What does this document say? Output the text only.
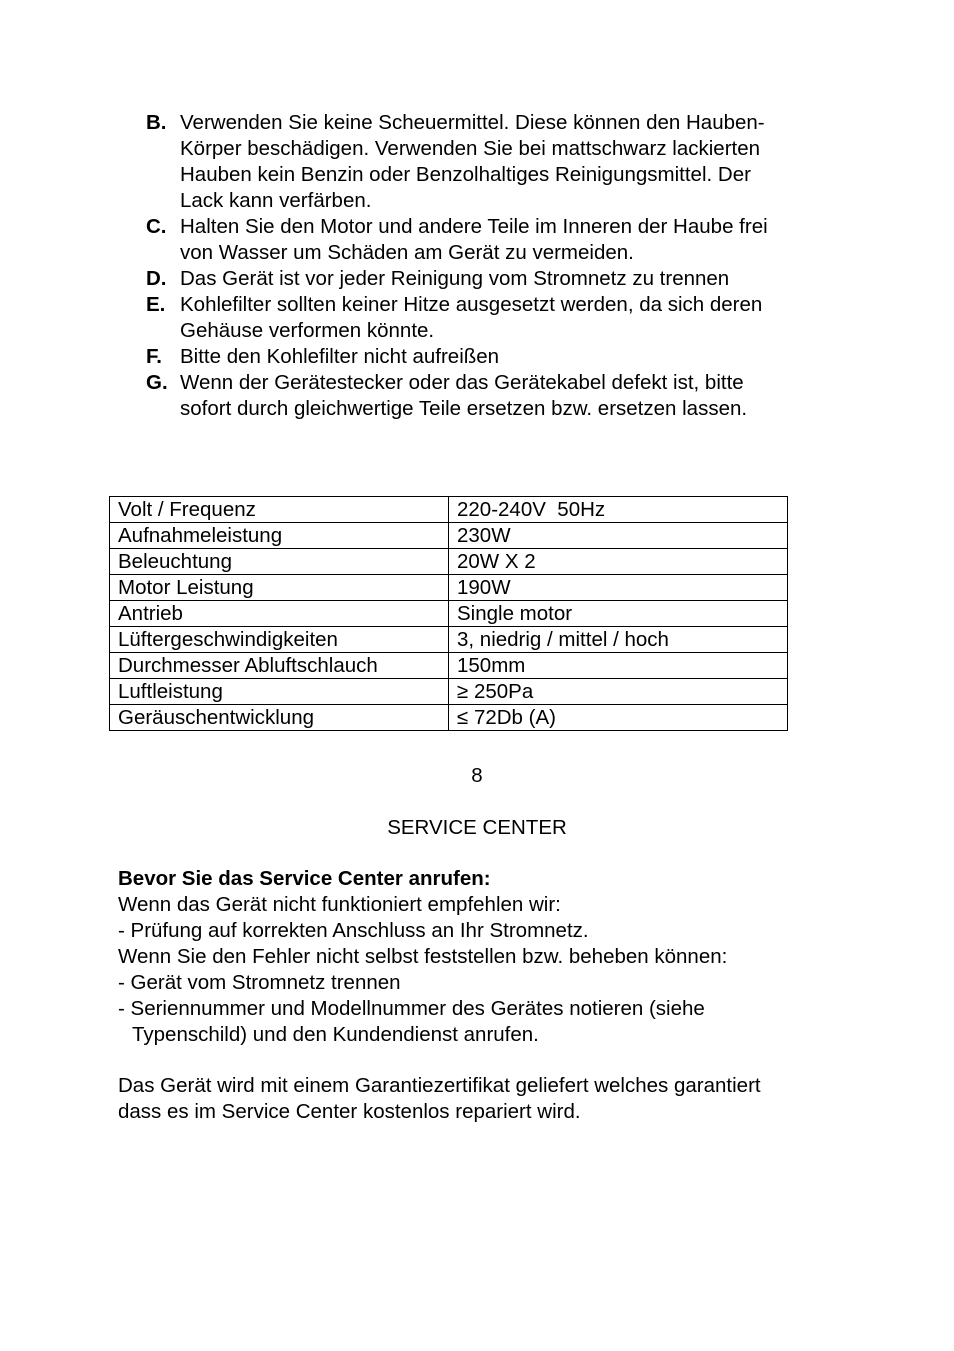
B. Verwenden Sie keine Scheuermittel. Diese können den Hauben-
Körper beschädigen. Verwenden Sie bei mattschwarz lackierten
Hauben kein Benzin oder Benzolhaltiges Reinigungsmittel. Der
Lack kann verfärben.
C. Halten Sie den Motor und andere Teile im Inneren der Haube frei
von Wasser um Schäden am Gerät zu vermeiden.
D. Das Gerät ist vor jeder Reinigung vom Stromnetz zu trennen
E. Kohlefilter sollten keiner Hitze ausgesetzt werden, da sich deren
Gehäuse verformen könnte.
F. Bitte den Kohlefilter nicht aufreißen
G. Wenn der Gerätestecker oder das Gerätekabel defekt ist, bitte
sofort durch gleichwertige Teile ersetzen bzw. ersetzen lassen.
Volt / Frequenz	220-240V  50Hz
Aufnahmeleistung	230W
Beleuchtung	20W X 2
Motor Leistung	190W
Antrieb	Single motor
Lüftergeschwindigkeiten	3, niedrig / mittel / hoch
Durchmesser Abluftschlauch	150mm
Luftleistung	≥ 250Pa
Geräuschentwicklung	≤ 72Db (A)
8
SERVICE CENTER
Bevor Sie das Service Center anrufen:
Wenn das Gerät nicht funktioniert empfehlen wir:
- Prüfung auf korrekten Anschluss an Ihr Stromnetz.
Wenn Sie den Fehler nicht selbst feststellen bzw. beheben können:
- Gerät vom Stromnetz trennen
- Seriennummer und Modellnummer des Gerätes notieren (siehe
Typenschild) und den Kundendienst anrufen.
Das Gerät wird mit einem Garantiezertifikat geliefert welches garantiert
dass es im Service Center kostenlos repariert wird.
